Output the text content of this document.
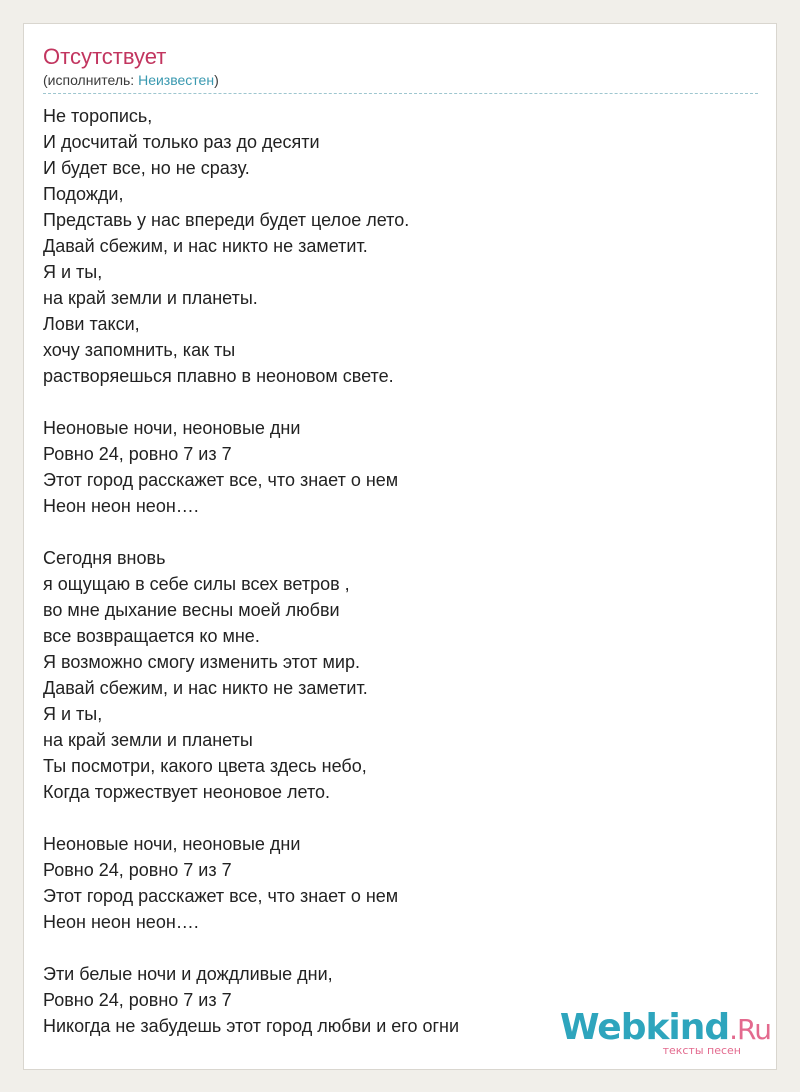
Отсутствует
(исполнитель: Неизвестен)
Не торопись,
И досчитай только раз до десяти
И будет все, но не сразу.
Подожди,
Представь у нас впереди будет целое лето.
Давай сбежим, и нас никто не заметит.
Я и ты,
на край земли и планеты.
Лови такси,
хочу запомнить, как ты
растворяешься плавно в неоновом свете.
Неоновые ночи, неоновые дни
Ровно 24, ровно 7 из 7
Этот город расскажет все, что знает о нем
Неон неон неон….
Сегодня вновь
я ощущаю в себе силы всех ветров ,
во мне дыхание весны моей любви
все возвращается ко мне.
Я возможно смогу изменить этот мир.
Давай сбежим, и нас никто не заметит.
Я и ты,
на край земли и планеты
Ты посмотри, какого цвета здесь небо,
Когда торжествует неоновое лето.
Неоновые ночи, неоновые дни
Ровно 24, ровно 7 из 7
Этот город расскажет все, что знает о нем
Неон неон неон….
Эти белые ночи и дождливые дни,
Ровно 24, ровно 7 из 7
Никогда не забудешь этот город любви и его огни	Webkind.Ru
тексты песен
